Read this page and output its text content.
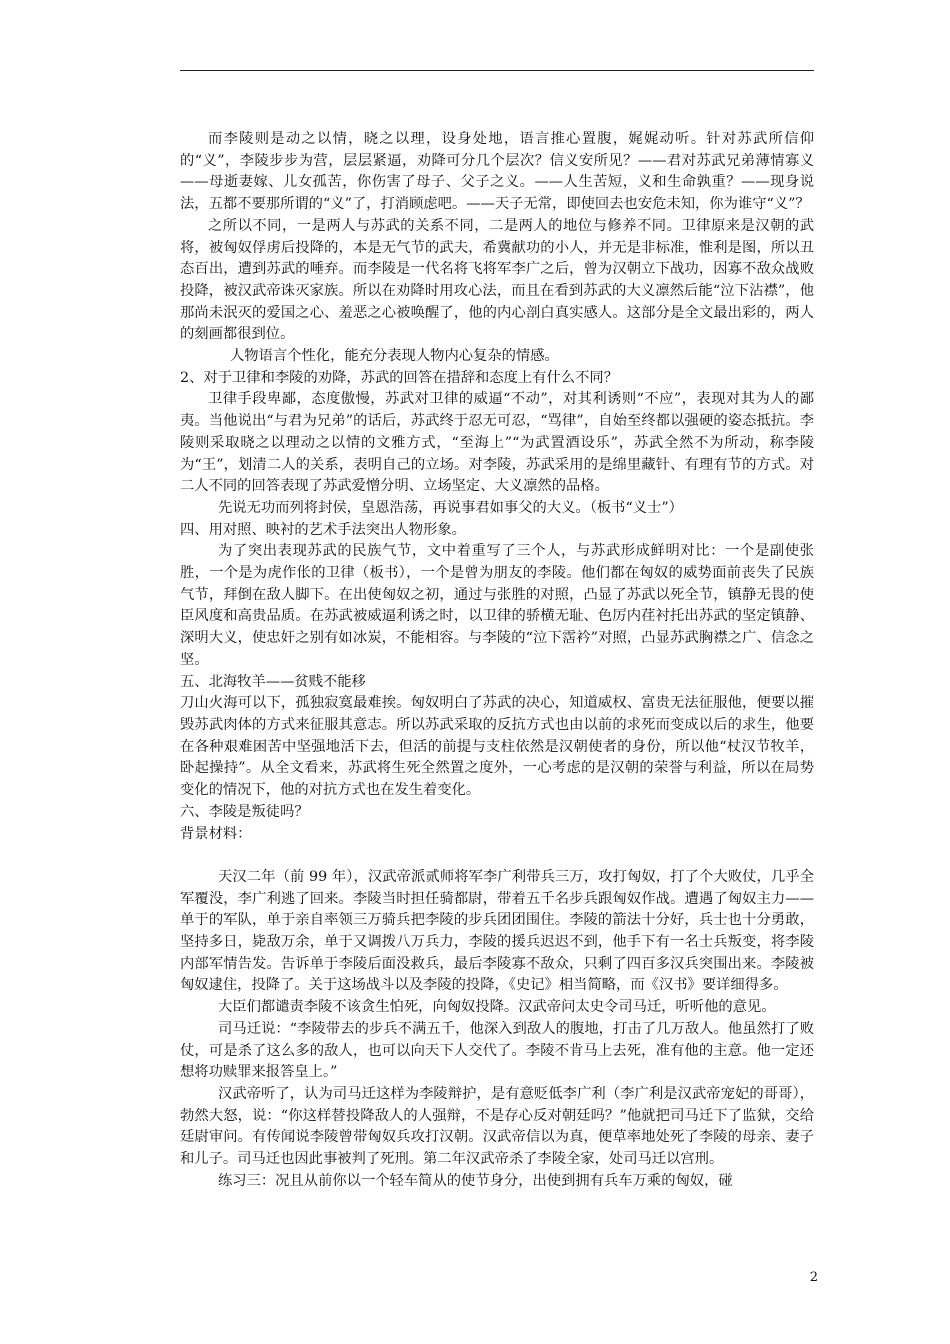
而李陵则是动之以情，晓之以理，设身处地，语言推心置腹，娓娓动听。针对苏武所信仰的“义”，李陵步步为营，层层紧逼，劝降可分几个层次？信义安所见？——君对苏武兄弟薄情寡义——母逝妻嫁、儿女孤苦，你伤害了母子、父子之义。——人生苦短，义和生命孰重？——现身说法，五都不要那所谓的“义”了，打消顾虑吧。——天子无常，即使回去也安危未知，你为谁守“义”？

之所以不同，一是两人与苏武的关系不同，二是两人的地位与修养不同。卫律原来是汉朝的武将，被匈奴俘虏后投降的，本是无气节的武夫，希冀献功的小人，并无是非标准，惟利是图，所以丑态百出，遭到苏武的唾弃。而李陵是一代名将飞将军李广之后，曾为汉朝立下战功，因寡不敌众战败投降，被汉武帝诛灭家族。所以在劝降时用攻心法，而且在看到苏武的大义凛然后能“泣下沾襟”，他那尚未泯灭的爱国之心、羞恶之心被唤醒了，他的内心剖白真实感人。这部分是全文最出彩的，两人的刻画都很到位。

人物语言个性化，能充分表现人物内心复杂的情感。

2、对于卫律和李陵的劝降，苏武的回答在措辞和态度上有什么不同？

卫律手段卑鄙，态度傲慢，苏武对卫律的威逼“不动”，对其利诱则“不应”，表现对其为人的鄙夷。当他说出“与君为兄弟”的话后，苏武终于忍无可忍，“骂律”，自始至终都以强硬的姿态抵抗。李陵则采取晓之以理动之以情的文雅方式，“至海上”“为武置酒设乐”，苏武全然不为所动，称李陵为“王”，划清二人的关系，表明自己的立场。对李陵，苏武采用的是绵里藏针、有理有节的方式。对二人不同的回答表现了苏武爱憎分明、立场坚定、大义凛然的品格。

先说无功而列将封侯，皇恩浩荡，再说事君如事父的大义。（板书“义士”）

四、用对照、映衬的艺术手法突出人物形象。

为了突出表现苏武的民族气节，文中着重写了三个人，与苏武形成鲜明对比：一个是副使张胜，一个是为虎作伥的卫律（板书），一个是曾为朋友的李陵。他们都在匈奴的威势面前丧失了民族气节，拜倒在敌人脚下。在出使匈奴之初，通过与张胜的对照，凸显了苏武以死全节，镇静无畏的使臣风度和高贵品质。在苏武被威逼利诱之时，以卫律的骄横无耻、色厉内荏衬托出苏武的坚定镇静、深明大义，使忠奸之别有如冰炭，不能相容。与李陵的“泣下霑衿”对照，凸显苏武胸襟之广、信念之坚。

五、北海牧羊——贫贱不能移

刀山火海可以下，孤独寂寞最难挨。匈奴明白了苏武的决心，知道威权、富贵无法征服他，便要以摧毁苏武肉体的方式来征服其意志。所以苏武采取的反抗方式也由以前的求死而变成以后的求生，他要在各种艰难困苦中坚强地活下去，但活的前提与支柱依然是汉朝使者的身份，所以他“杖汉节牧羊，卧起操持”。从全文看来，苏武将生死全然置之度外，一心考虑的是汉朝的荣誉与利益，所以在局势变化的情况下，他的对抗方式也在发生着变化。

六、李陵是叛徒吗？

背景材料：

天汉二年（前 99 年），汉武帝派贰师将军李广利带兵三万，攻打匈奴，打了个大败仗，几乎全军覆没，李广利逃了回来。李陵当时担任骑都尉，带着五千名步兵跟匈奴作战。遭遇了匈奴主力——单于的军队，单于亲自率领三万骑兵把李陵的步兵团团围住。李陵的箭法十分好，兵士也十分勇敢，坚持多日，毙敌万余，单于又调拨八万兵力，李陵的援兵迟迟不到，他手下有一名士兵叛变，将李陵内部军情告发。告诉单于李陵后面没救兵，最后李陵寡不敌众，只剩了四百多汉兵突围出来。李陵被匈奴逮住，投降了。关于这场战斗以及李陵的投降，《史记》相当简略，而《汉书》要详细得多。

大臣们都谴责李陵不该贪生怕死，向匈奴投降。汉武帝问太史令司马迁，听听他的意见。

司马迁说：“李陵带去的步兵不满五千，他深入到敌人的腹地，打击了几万敌人。他虽然打了败仗，可是杀了这么多的敌人，也可以向天下人交代了。李陵不肯马上去死，准有他的主意。他一定还想将功赎罪来报答皇上。”

汉武帝听了，认为司马迁这样为李陵辩护，是有意贬低李广利（李广利是汉武帝宠妃的哥哥），勃然大怒，说：“你这样替投降敌人的人强辩，不是存心反对朝廷吗？”他就把司马迁下了监狱，交给廷尉审问。有传闻说李陵曾带匈奴兵攻打汉朝。汉武帝信以为真，便草率地处死了李陵的母亲、妻子和儿子。司马迁也因此事被判了死刑。第二年汉武帝杀了李陵全家，处司马迁以宫刑。

练习三：况且从前你以一个轻车简从的使节身分，出使到拥有兵车万乘的匈奴，碰

2
